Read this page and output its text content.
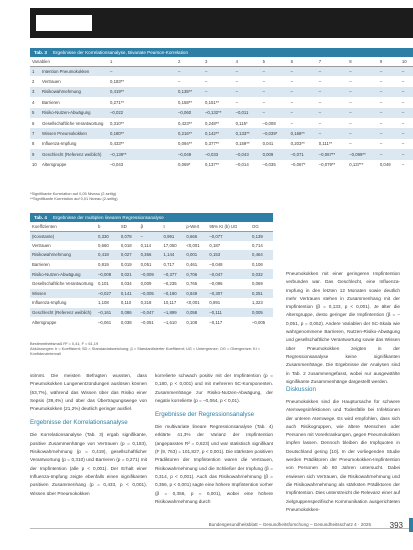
Tab. 3 Ergebnisse der Korrelationsanalyse, Bivariate Pearson-Korrelation
Variablen		1	2	3	4	5	6	7	8	9	10
1	Intention Pneumokokken	–	–	–	–	–	–	–	–	–	–
2	Vertrauen	0,183**	–	–	–	–	–	–	–	–	–
3	Risikowahrnehmung	0,419**	0,135**	–	–	–	–	–	–	–	–
4	Barrieren	0,271**	0,158**	0,151**	–	–	–	–	–	–	–
5	Risiko-Nutzen-Abwägung	–0,022	–0,060	–0,132**	–0,011	–	–	–	–	–	–
6	Gesellschaftliche Verantwortung	0,310**	0,423**	0,248**	0,115*	–0,008	–	–	–	–	–
7	Wissen Pneumokokken	0,180**	0,216**	0,142**	0,133**	–0,039*	0,168**	–	–	–	–
8	Influenza-Impfung	0,433**	0,094**	0,377**	0,159**	0,041	0,203**	0,111**	–	–	–
9	Geschlecht (Referenz weiblich)	–0,139**	–0,049	–0,033	–0,043	0,009	–0,071	–0,067**	–0,099**	–	–
10	Altersgruppe	–0,043	0,069*	0,137**	–0,014	–0,035	–0,067*	–0,079**	0,137**	0,049	–
*Signifikante Korrelation auf 0,05 Niveau (2-seitig)
**Signifikante Korrelation auf 0,01 Niveau (2-seitig)
Tab. 4 Ergebnisse der multiplen linearen Regressionsanalyse
Koeffizienten	b	SD	β	t	p-Wert	95% KI (b) UG	OG
(Konstante)	0,330	0,078	–	0,991	0,666	–0,077	0,139
Vertrauen	0,660	0,018	0,114	17,050	<0,001	0,187	0,714
Risikowahrnehmung	0,418	0,027	0,366	1,144	0,001	0,153	0,464
Barrieren	0,819	0,019	0,051	0,717	0,461	–0,048	0,106
Risiko-Nutzen-Abwägung	–0,008	0,021	–0,009	–0,377	0,706	–0,047	0,032
Gesellschaftliche Verantwortung	0,101	0,034	0,009	–0,235	0,765	–0,096	0,069
Wissen	–0,027	0,141	–0,005	–0,190	0,849	–0,307	0,251
Influenza-Impfung	1,108	0,110	0,318	10,117	<0,001	0,891	1,323
Geschlecht (Referenz weiblich)	–0,161	0,086	–0,047	–1,899	0,058	–0,111	0,005
Altersgruppe	–0,061	0,038	–0,051	–1,610	0,108	–0,117	–0,005
Bestimmtheitsmaß R² = 0,41; F = 61,19
Abkürzungen: b = Koeffizient; SD = Standardabweichung; β = Standardisierter Koeffizient; UG = Untergrenze; OG = Obergrenze; KI = Konfidenzintervall

Pneumokokken mit einer geringeren Impfintention verbunden war. Das Geschlecht, eine Influenza-Impfung in den letzten 12 Monaten sowie deutlich mehr Vertrauen stehen in Zusammenhang mit der Impfintention (β = 0,133, p < 0,001). Je älter die Altersgruppe, desto geringer die Impfintention (β = –0,051, p = 0,052). Andere Variablen der 5C-Skala wie wahrgenommene Barrieren, Nutzen-Risiko-Abwägung und gesellschaftliche Verantwortung sowie das Wissen über Pneumokokken zeigten in der Regressionsanalyse keine signifikanten Zusammenhänge. Die Ergebnisse der Analysen sind in Tab. 2 zusammengefasst, wobei nur ausgewählte signifikante Zusammenhänge dargestellt werden.

stimmt. Die meisten Befragten wussten, dass Pneumokokken Lungenentzündungen auslösen können (63,7%), während das Wissen über das Risiko einer Sepsis (39,4%) und über das Übertragungswege von Pneumokokken (21,2%) deutlich geringer ausfiel.

Ergebnisse der Korrelationsanalyse

Die Korrelationsanalyse (Tab. 3) ergab signifikante, positive Zusammenhänge von Vertrauen (p = 0,183), Risikowahrnehmung (p = 0,419), gesellschaftlicher Verantwortung (p = 0,310) und Barrieren (p = 0,271) mit der Impfintention (alle p < 0,001). Der Erhalt einer Influenza-Impfung zeigte ebenfalls einen signifikanten positiven Zusammenhang (p = 0,433, p < 0,001). Wissen über Pneumokokken

korrelierte schwach positiv mit der Impfintention (p = 0,180, p < 0,001) und mit mehreren 5C-Komponenten. Zusammenhänge zur Risiko-Nutzen-Abwägung, der negativ korrelierte (p = –0,064, p < 0,01).

Ergebnisse der Regressionsanalyse

Die multivariate lineare Regressionsanalyse (Tab. 4) erklärte 41,3% der Varianz der Impfintention (angepasstes R² = 0,623) und war statistisch signifikant (F (9, 763) = 101,827, p < 0,001). Die stärksten positiven Prädiktoren der Impfintention waren die Vertrauen, Risikowahrnehmung und die Schließer der Impfung (β = 0,314, p < 0,001). Auch das Risikowahrnehmung (β = 0,356, p < 0,001) sagte eine höhere Impfintention vorher (β = 0,356, p = 0,001), wobei eine höhere Risikowahrnehmung durch

Diskussion

Pneumokokken sind die Hauptursache für schwere Atemwegsinfektionen und Todesfälle bei Infektionen der unteren Atemwege. Es wird empfohlen, dass sich auch Risikogruppen, wie ältere Menschen oder Personen mit Vorerkrankungen, gegen Pneumokokken impfen lassen. Dennoch bleiben die Impfquoten in Deutschland gering [10]. In der vorliegenden Studie werden Prädiktoren der Pneumokokken-Impfintention von Personen ab 60 Jahren untersucht. Dabei erwiesen sich Vertrauen, die Risikowahrnehmung und die Risikowahrnehmung als stärksten Prädiktoren der Impfintention. Dies unterstreicht die Relevanz einer auf zielgruppenspezifische Kommunikation ausgerichteten Pneumokokken-

Bundesgesundheitsblatt – Gesundheitsforschung – Gesundheitsschutz 4 · 2025 393
